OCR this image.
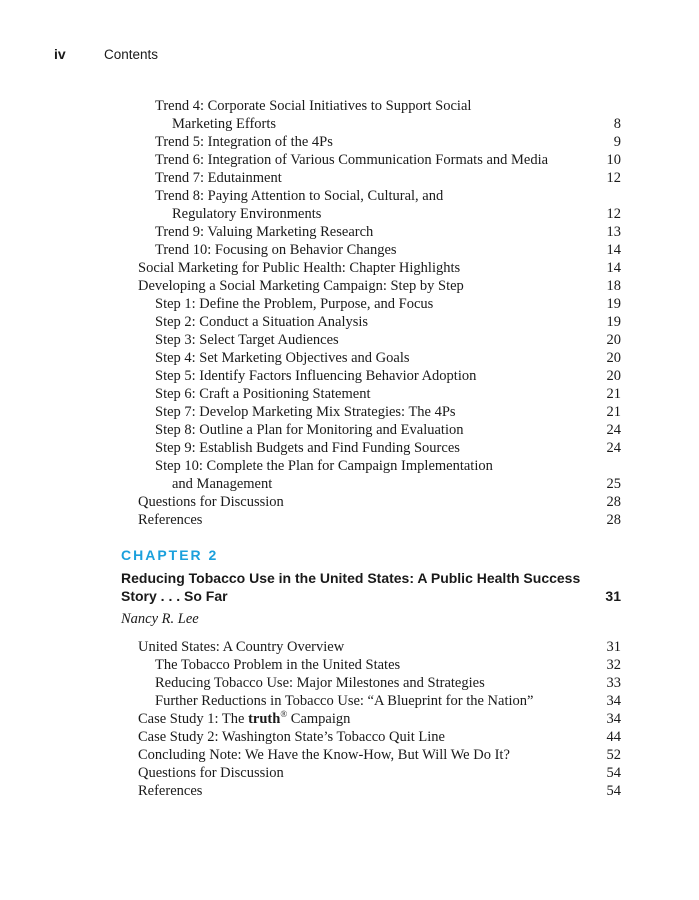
iv	Contents
Trend 4: Corporate Social Initiatives to Support Social
Marketing Efforts	8
Trend 5: Integration of the 4Ps	9
Trend 6: Integration of Various Communication Formats and Media	10
Trend 7: Edutainment	12
Trend 8: Paying Attention to Social, Cultural, and
Regulatory Environments	12
Trend 9: Valuing Marketing Research	13
Trend 10: Focusing on Behavior Changes	14
Social Marketing for Public Health: Chapter Highlights	14
Developing a Social Marketing Campaign: Step by Step	18
Step 1: Define the Problem, Purpose, and Focus	19
Step 2: Conduct a Situation Analysis	19
Step 3: Select Target Audiences	20
Step 4: Set Marketing Objectives and Goals	20
Step 5: Identify Factors Influencing Behavior Adoption	20
Step 6: Craft a Positioning Statement	21
Step 7: Develop Marketing Mix Strategies: The 4Ps	21
Step 8: Outline a Plan for Monitoring and Evaluation	24
Step 9: Establish Budgets and Find Funding Sources	24
Step 10: Complete the Plan for Campaign Implementation
and Management	25
Questions for Discussion	28
References	28
CHAPTER 2
Reducing Tobacco Use in the United States: A Public Health Success
Story . . . So Far	31
Nancy R. Lee
United States: A Country Overview	31
The Tobacco Problem in the United States	32
Reducing Tobacco Use: Major Milestones and Strategies	33
Further Reductions in Tobacco Use: “A Blueprint for the Nation”	34
Case Study 1: The truth® Campaign	34
Case Study 2: Washington State’s Tobacco Quit Line	44
Concluding Note: We Have the Know-How, But Will We Do It?	52
Questions for Discussion	54
References	54
